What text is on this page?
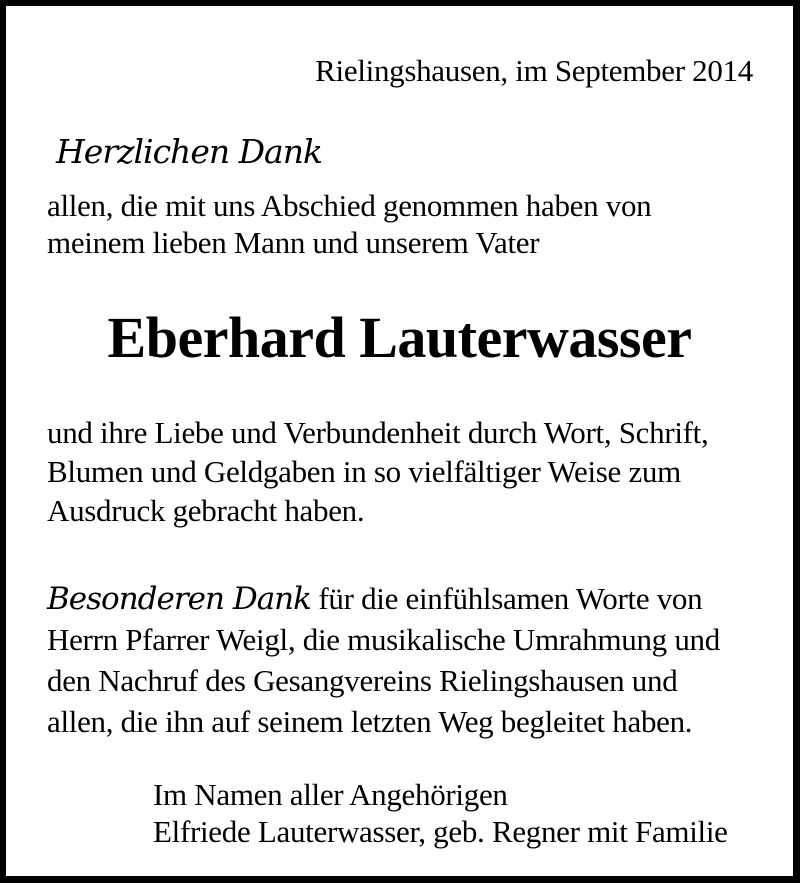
Rielingshausen, im September 2014
Herzlichen Dank
allen, die mit uns Abschied genommen haben von
meinem lieben Mann und unserem Vater
Eberhard Lauterwasser
und ihre Liebe und Verbundenheit durch Wort, Schrift,
Blumen und Geldgaben in so vielfältiger Weise zum
Ausdruck gebracht haben.
Besonderen Dank für die einfühlsamen Worte von
Herrn Pfarrer Weigl, die musikalische Umrahmung und
den Nachruf des Gesangvereins Rielingshausen und
allen, die ihn auf seinem letzten Weg begleitet haben.
Im Namen aller Angehörigen
Elfriede Lauterwasser, geb. Regner mit Familie
